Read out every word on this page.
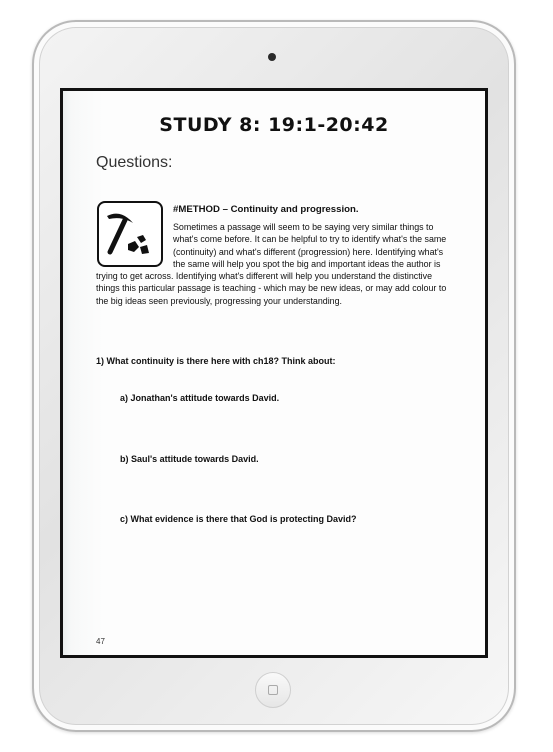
STUDY 8: 19:1-20:42
Questions:
#METHOD – Continuity and progression.
Sometimes a passage will seem to be saying very similar things to what's come before. It can be helpful to try to identify what's the same (continuity) and what's different (progression) here. Identifying what's the same will help you spot the big and important ideas the author is trying to get across. Identifying what's different will help you understand the distinctive things this particular passage is teaching - which may be new ideas, or may add colour to the big ideas seen previously, progressing your understanding.
1) What continuity is there here with ch18? Think about:
a) Jonathan's attitude towards David.
b) Saul's attitude towards David.
c) What evidence is there that God is protecting David?
47
